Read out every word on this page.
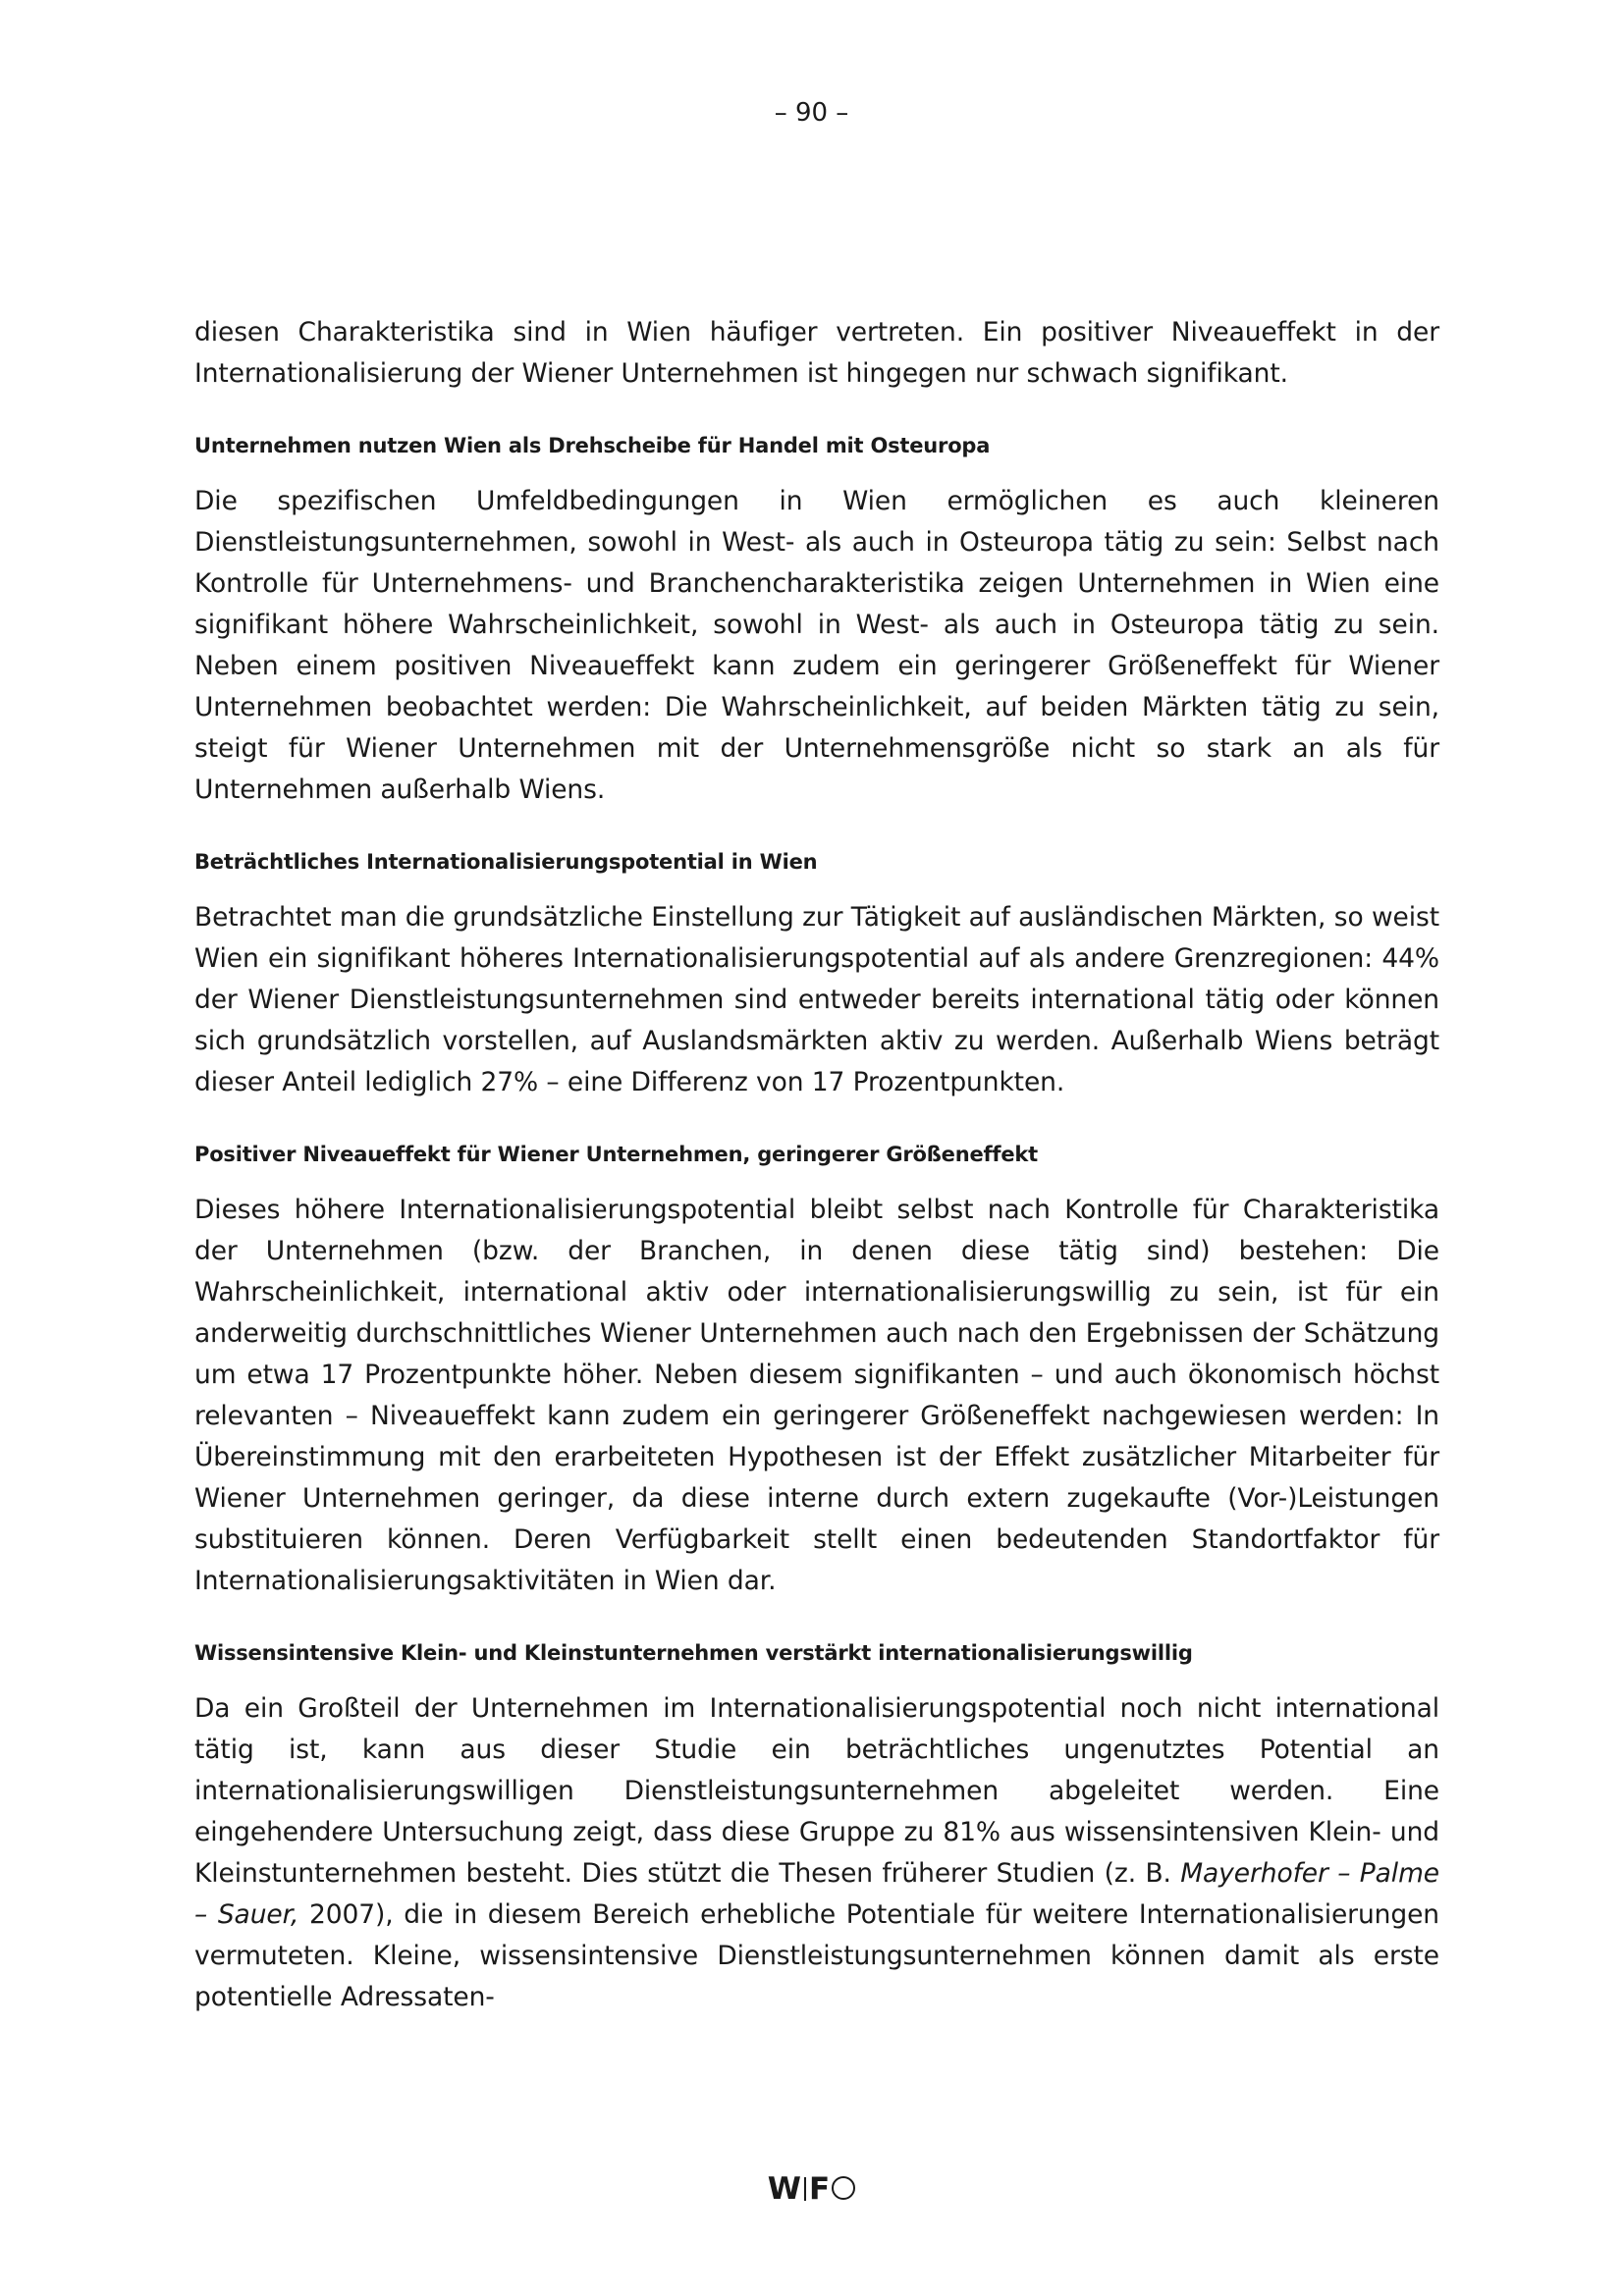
– 90 –

diesen Charakteristika sind in Wien häufiger vertreten. Ein positiver Niveaueffekt in der Internationalisierung der Wiener Unternehmen ist hingegen nur schwach signifikant.

Unternehmen nutzen Wien als Drehscheibe für Handel mit Osteuropa

Die spezifischen Umfeldbedingungen in Wien ermöglichen es auch kleineren Dienstleistungsunternehmen, sowohl in West- als auch in Osteuropa tätig zu sein: Selbst nach Kontrolle für Unternehmens- und Branchencharakteristika zeigen Unternehmen in Wien eine signifikant höhere Wahrscheinlichkeit, sowohl in West- als auch in Osteuropa tätig zu sein. Neben einem positiven Niveaueffekt kann zudem ein geringerer Größeneffekt für Wiener Unternehmen beobachtet werden: Die Wahrscheinlichkeit, auf beiden Märkten tätig zu sein, steigt für Wiener Unternehmen mit der Unternehmensgröße nicht so stark an als für Unternehmen außerhalb Wiens.

Beträchtliches Internationalisierungspotential in Wien

Betrachtet man die grundsätzliche Einstellung zur Tätigkeit auf ausländischen Märkten, so weist Wien ein signifikant höheres Internationalisierungspotential auf als andere Grenzregionen: 44% der Wiener Dienstleistungsunternehmen sind entweder bereits international tätig oder können sich grundsätzlich vorstellen, auf Auslandsmärkten aktiv zu werden. Außerhalb Wiens beträgt dieser Anteil lediglich 27% – eine Differenz von 17 Prozentpunkten.

Positiver Niveaueffekt für Wiener Unternehmen, geringerer Größeneffekt

Dieses höhere Internationalisierungspotential bleibt selbst nach Kontrolle für Charakteristika der Unternehmen (bzw. der Branchen, in denen diese tätig sind) bestehen: Die Wahrscheinlichkeit, international aktiv oder internationalisierungswillig zu sein, ist für ein anderweitig durchschnittliches Wiener Unternehmen auch nach den Ergebnissen der Schätzung um etwa 17 Prozentpunkte höher. Neben diesem signifikanten – und auch ökonomisch höchst relevanten – Niveaueffekt kann zudem ein geringerer Größeneffekt nachgewiesen werden: In Übereinstimmung mit den erarbeiteten Hypothesen ist der Effekt zusätzlicher Mitarbeiter für Wiener Unternehmen geringer, da diese interne durch extern zugekaufte (Vor-)Leistungen substituieren können. Deren Verfügbarkeit stellt einen bedeutenden Standortfaktor für Internationalisierungsaktivitäten in Wien dar.

Wissensintensive Klein- und Kleinstunternehmen verstärkt internationalisierungswillig

Da ein Großteil der Unternehmen im Internationalisierungspotential noch nicht international tätig ist, kann aus dieser Studie ein beträchtliches ungenutztes Potential an internationalisierungswilligen Dienstleistungsunternehmen abgeleitet werden. Eine eingehendere Untersuchung zeigt, dass diese Gruppe zu 81% aus wissensintensiven Klein- und Kleinstunternehmen besteht. Dies stützt die Thesen früherer Studien (z. B. Mayerhofer – Palme – Sauer, 2007), die in diesem Bereich erhebliche Potentiale für weitere Internationalisierungen vermuteten. Kleine, wissensintensive Dienstleistungsunternehmen können damit als erste potentielle Adressaten-

W F
